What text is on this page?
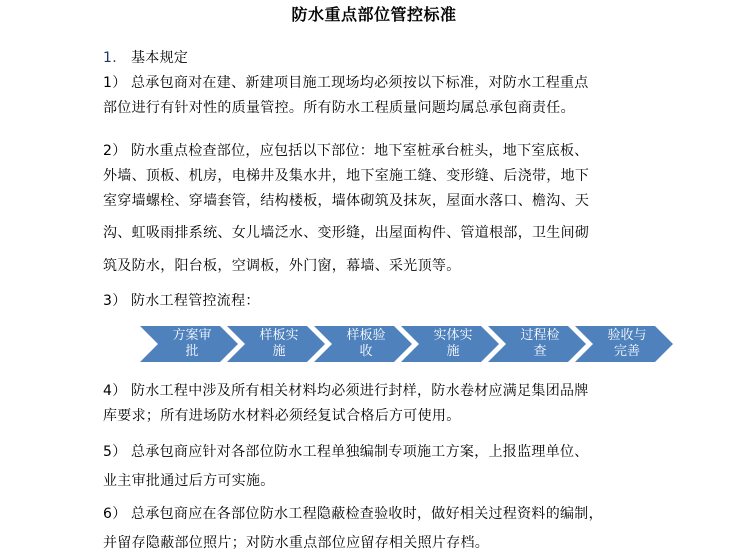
防水重点部位管控标准
1. 基本规定
1） 总承包商对在建、新建项目施工现场均必须按以下标准，对防水工程重点
部位进行有针对性的质量管控。所有防水工程质量问题均属总承包商责任。
2） 防水重点检查部位，应包括以下部位：地下室桩承台桩头，地下室底板、
外墙、顶板、机房，电梯井及集水井，地下室施工缝、变形缝、后浇带，地下
室穿墙螺栓、穿墙套管，结构楼板，墙体砌筑及抹灰，屋面水落口、檐沟、天
沟、虹吸雨排系统、女儿墙泛水、变形缝，出屋面构件、管道根部，卫生间砌
筑及防水，阳台板，空调板，外门窗，幕墙、采光顶等。
3） 防水工程管控流程：
方案审
批
样板实
施
样板验
收
实体实
施
过程检
查
验收与
完善
4） 防水工程中涉及所有相关材料均必须进行封样，防水卷材应满足集团品牌
库要求；所有进场防水材料必须经复试合格后方可使用。
5） 总承包商应针对各部位防水工程单独编制专项施工方案，上报监理单位、
业主审批通过后方可实施。
6） 总承包商应在各部位防水工程隐蔽检查验收时，做好相关过程资料的编制，
并留存隐蔽部位照片；对防水重点部位应留存相关照片存档。
